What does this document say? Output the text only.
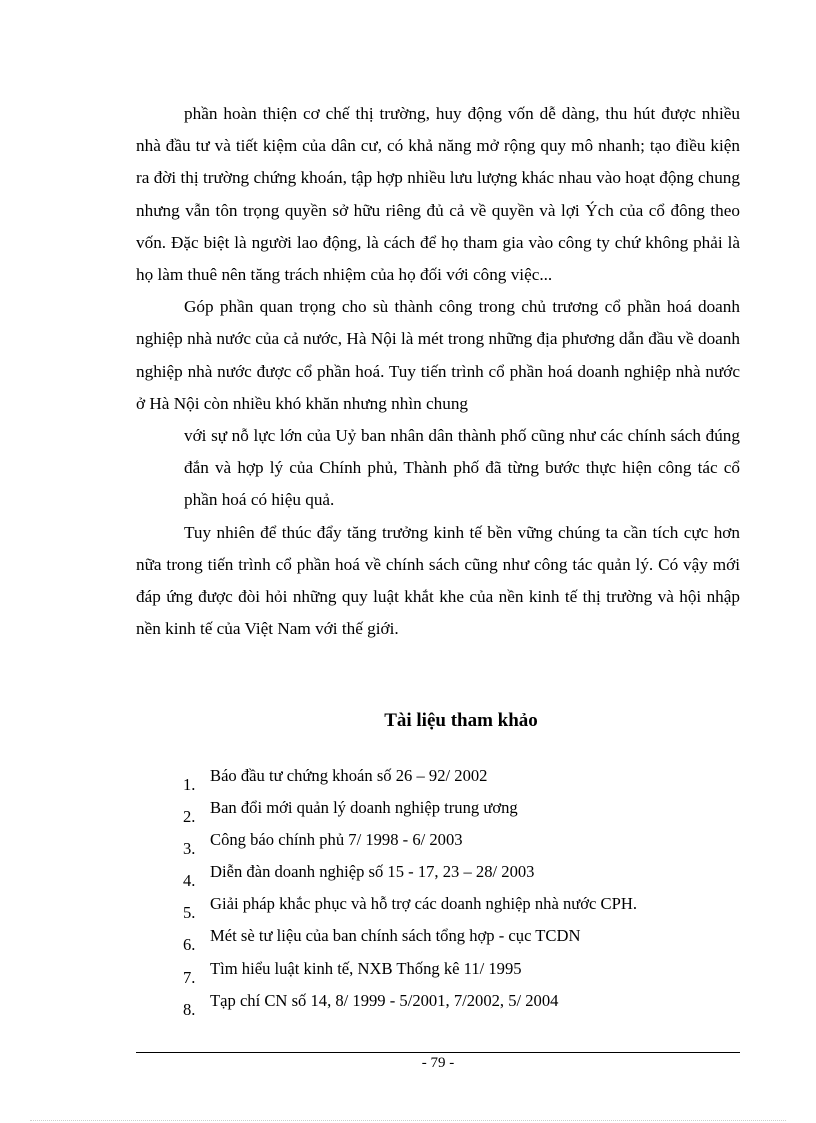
phần hoàn thiện cơ chế thị trường, huy động vốn dễ dàng, thu hút được nhiều nhà đầu tư và tiết kiệm của dân cư, có khả năng mở rộng quy mô nhanh; tạo điều kiện ra đời thị trường chứng khoán, tập hợp nhiều lưu lượng khác nhau vào hoạt động chung nhưng vẫn tôn trọng quyền sở hữu riêng đủ cả về quyền và lợi Ých của cổ đông theo vốn. Đặc biệt là người lao động, là cách để họ tham gia vào công ty chứ không phải là họ làm thuê nên tăng trách nhiệm của họ đối với công việc...

Góp phần quan trọng cho sù thành công trong chủ trương cổ phần hoá doanh nghiệp nhà nước của cả nước, Hà Nội là mét trong những địa phương dẫn đầu về doanh nghiệp nhà nước được cổ phần hoá. Tuy tiến trình cổ phần hoá doanh nghiệp nhà nước ở Hà Nội còn nhiều khó khăn nhưng nhìn chung

với sự nỗ lực lớn của Uỷ ban nhân dân thành phố cũng như các chính sách đúng đắn và hợp lý của Chính phủ, Thành phố đã từng bước thực hiện công tác cổ phần hoá có hiệu quả.

Tuy nhiên để thúc đẩy tăng trưởng kinh tế bền vững chúng ta cần tích cực hơn nữa trong tiến trình cổ phần hoá về chính sách cũng như công tác quản lý. Có vậy mới đáp ứng được đòi hỏi những quy luật khắt khe của nền kinh tế thị trường và hội nhập nền kinh tế của Việt Nam với thế giới.

Tài liệu tham khảo
1. Báo đầu tư chứng khoán số 26 – 92/ 2002
2. Ban đổi mới quản lý doanh nghiệp trung ương
3. Công báo chính phủ 7/ 1998 - 6/ 2003
4. Diễn đàn doanh nghiệp số 15 - 17, 23 – 28/ 2003
5. Giải pháp khắc phục và hỗ trợ các doanh nghiệp nhà nước CPH.
6. Mét sè tư liệu của ban chính sách tổng hợp - cục TCDN
7. Tìm hiểu luật kinh tế, NXB Thống kê 11/ 1995
8. Tạp chí CN số 14, 8/ 1999 - 5/2001, 7/2002, 5/ 2004
- 79 -
